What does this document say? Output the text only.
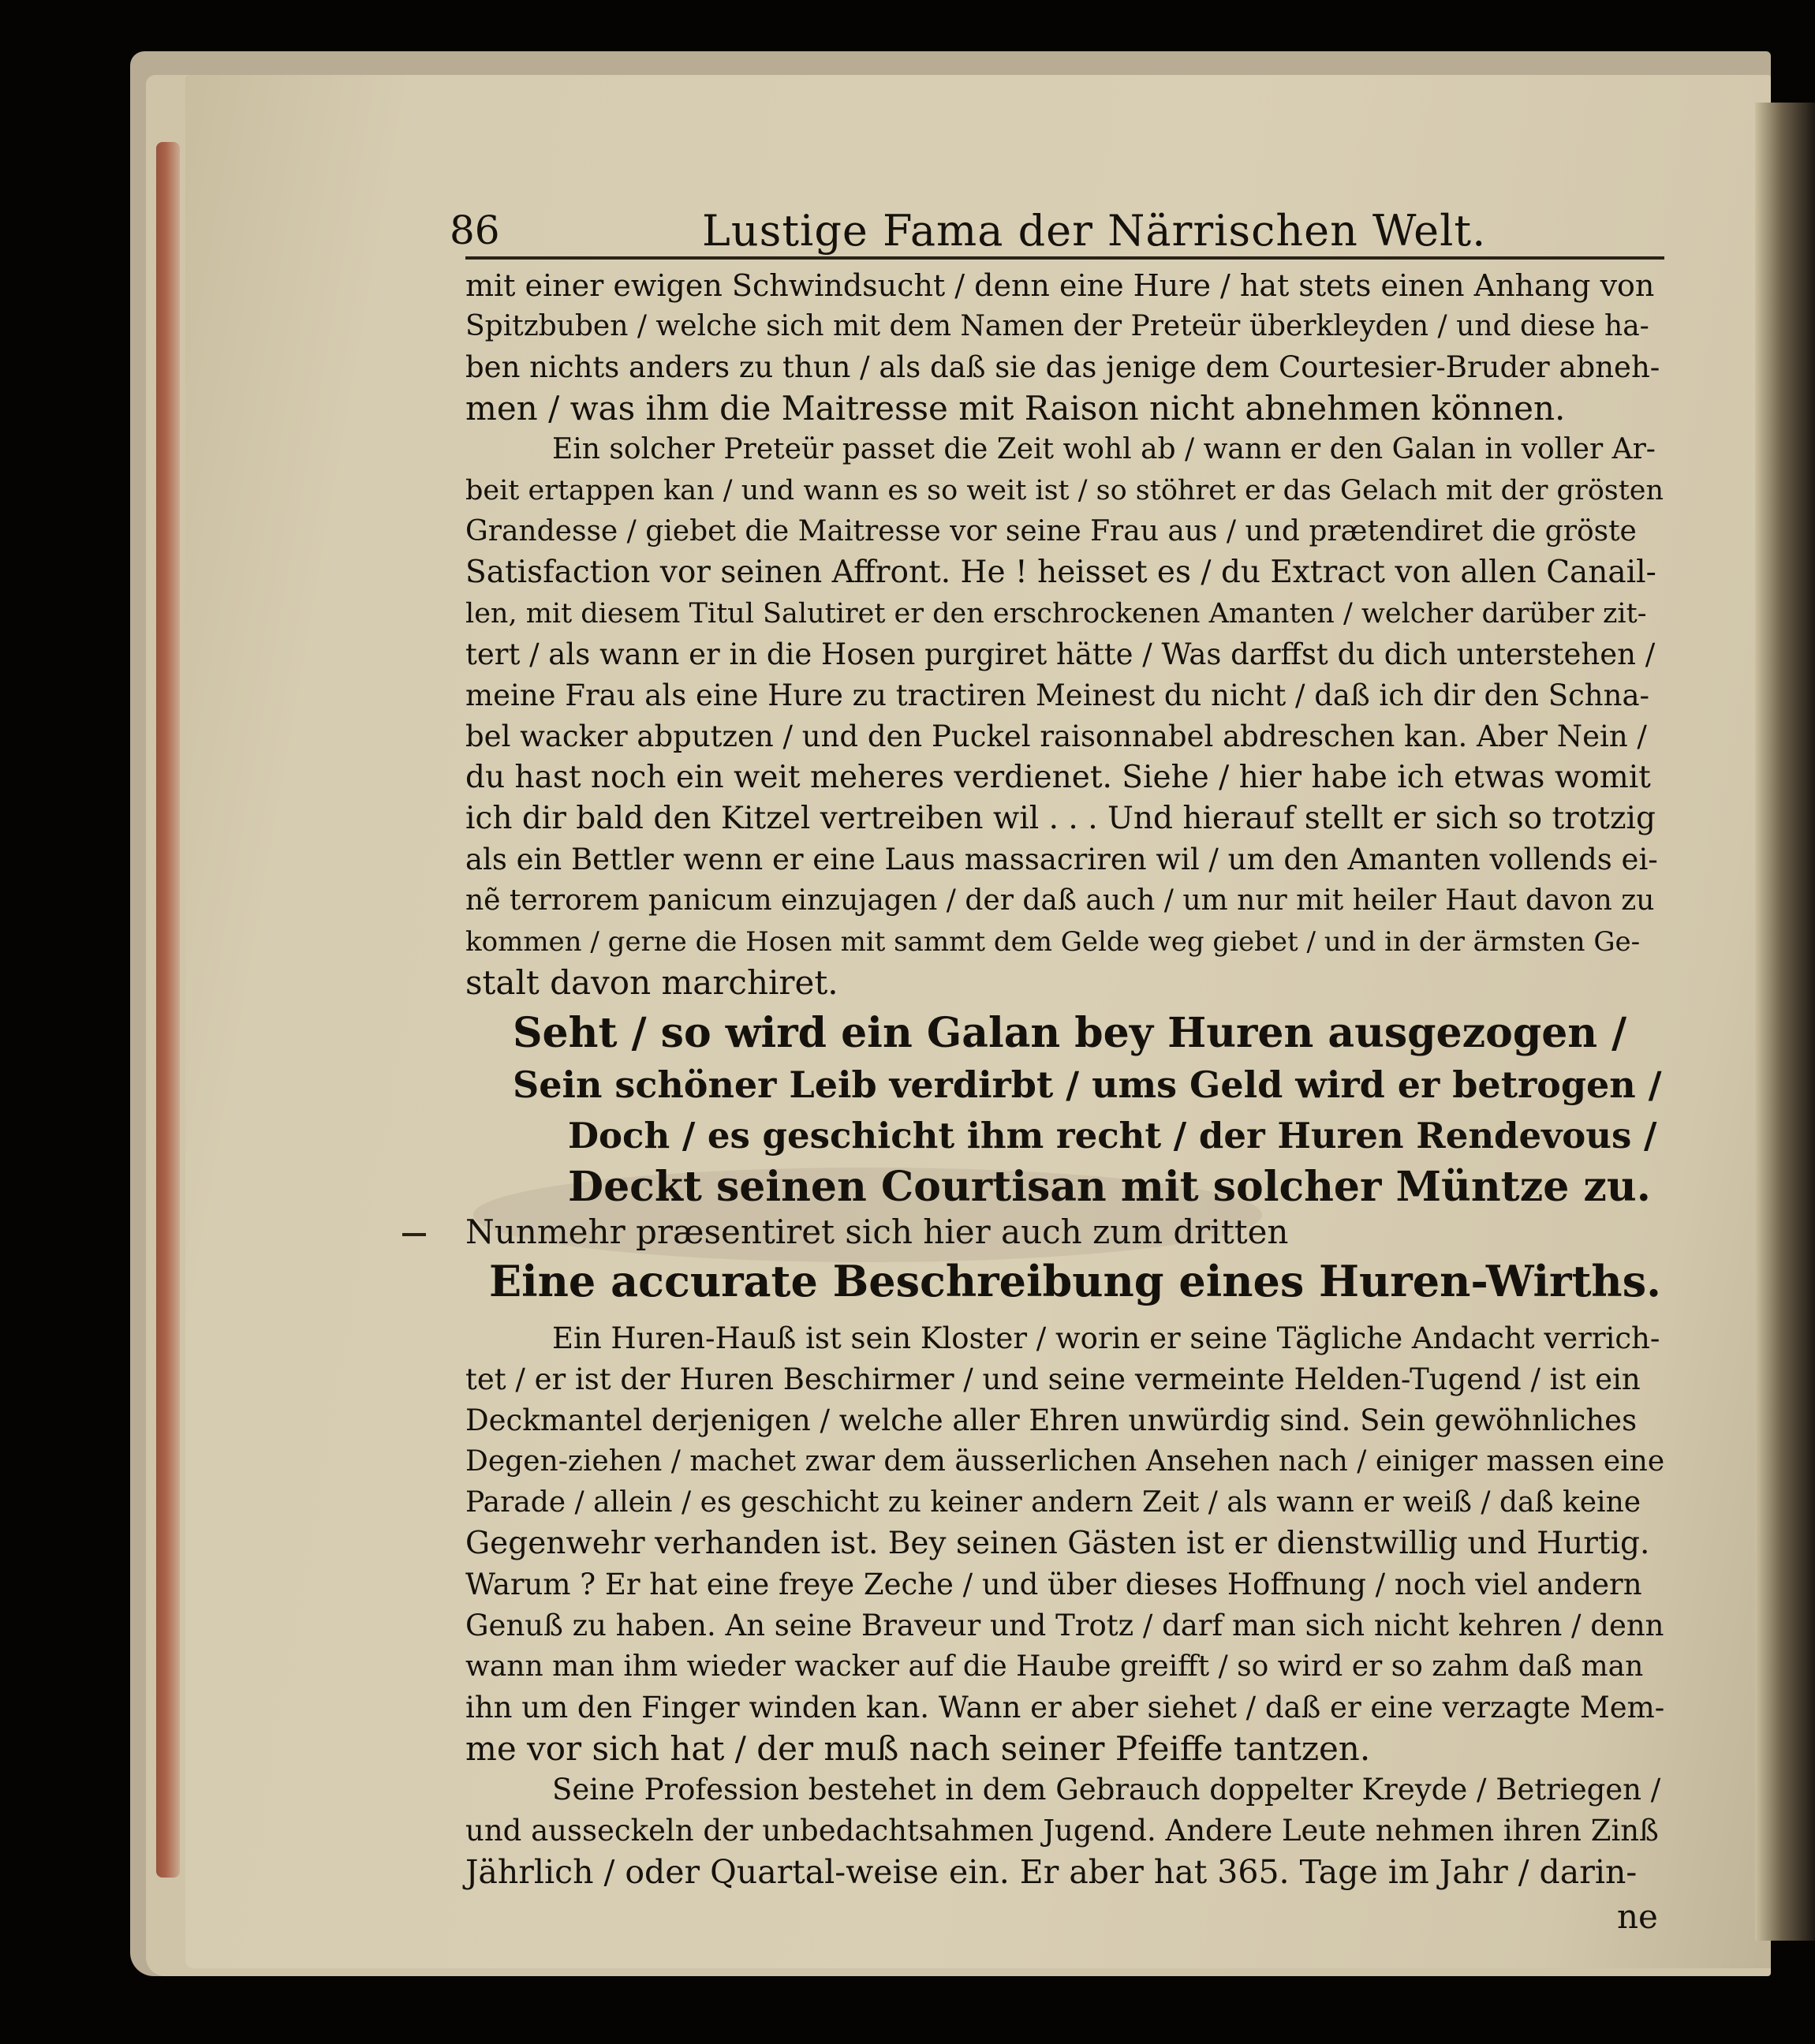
86	Lustige Fama der Närrischen Welt.
mit einer ewigen Schwindsucht / denn eine Hure / hat stets einen Anhang von
Spitzbuben / welche sich mit dem Namen der Preteür überkleyden / und diese ha-
ben nichts anders zu thun / als daß sie das jenige dem Courtesier-Bruder abneh-
men / was ihm die Maitresse mit Raison nicht abnehmen können.
Ein solcher Preteür passet die Zeit wohl ab / wann er den Galan in voller Ar-
beit ertappen kan / und wann es so weit ist / so stöhret er das Gelach mit der grösten
Grandesse / giebet die Maitresse vor seine Frau aus / und prætendiret die gröste
Satisfaction vor seinen Affront. He ! heisset es / du Extract von allen Canail-
len, mit diesem Titul Salutiret er den erschrockenen Amanten / welcher darüber zit-
tert / als wann er in die Hosen purgiret hätte / Was darffst du dich unterstehen /
meine Frau als eine Hure zu tractiren Meinest du nicht / daß ich dir den Schna-
bel wacker abputzen / und den Puckel raisonnabel abdreschen kan. Aber Nein /
du hast noch ein weit meheres verdienet. Siehe / hier habe ich etwas womit
ich dir bald den Kitzel vertreiben wil . . . Und hierauf stellt er sich so trotzig
als ein Bettler wenn er eine Laus massacriren wil / um den Amanten vollends ei-
nẽ terrorem panicum einzujagen / der daß auch / um nur mit heiler Haut davon zu
kommen / gerne die Hosen mit sammt dem Gelde weg giebet / und in der ärmsten Ge-
stalt davon marchiret.
Seht / so wird ein Galan bey Huren ausgezogen /
Sein schöner Leib verdirbt / ums Geld wird er betrogen /
Doch / es geschicht ihm recht / der Huren Rendevous /
Deckt seinen Courtisan mit solcher Müntze zu.
Nunmehr præsentiret sich hier auch zum dritten
Eine accurate Beschreibung eines Huren-Wirths.
Ein Huren-Hauß ist sein Kloster / worin er seine Tägliche Andacht verrich-
tet / er ist der Huren Beschirmer / und seine vermeinte Helden-Tugend / ist ein
Deckmantel derjenigen / welche aller Ehren unwürdig sind. Sein gewöhnliches
Degen-ziehen / machet zwar dem äusserlichen Ansehen nach / einiger massen eine
Parade / allein / es geschicht zu keiner andern Zeit / als wann er weiß / daß keine
Gegenwehr verhanden ist. Bey seinen Gästen ist er dienstwillig und Hurtig.
Warum ? Er hat eine freye Zeche / und über dieses Hoffnung / noch viel andern
Genuß zu haben. An seine Braveur und Trotz / darf man sich nicht kehren / denn
wann man ihm wieder wacker auf die Haube greifft / so wird er so zahm daß man
ihn um den Finger winden kan. Wann er aber siehet / daß er eine verzagte Mem-
me vor sich hat / der muß nach seiner Pfeiffe tantzen.
Seine Profession bestehet in dem Gebrauch doppelter Kreyde / Betriegen /
und ausseckeln der unbedachtsahmen Jugend. Andere Leute nehmen ihren Zinß
Jährlich / oder Quartal-weise ein. Er aber hat 365. Tage im Jahr / darin-
ne
